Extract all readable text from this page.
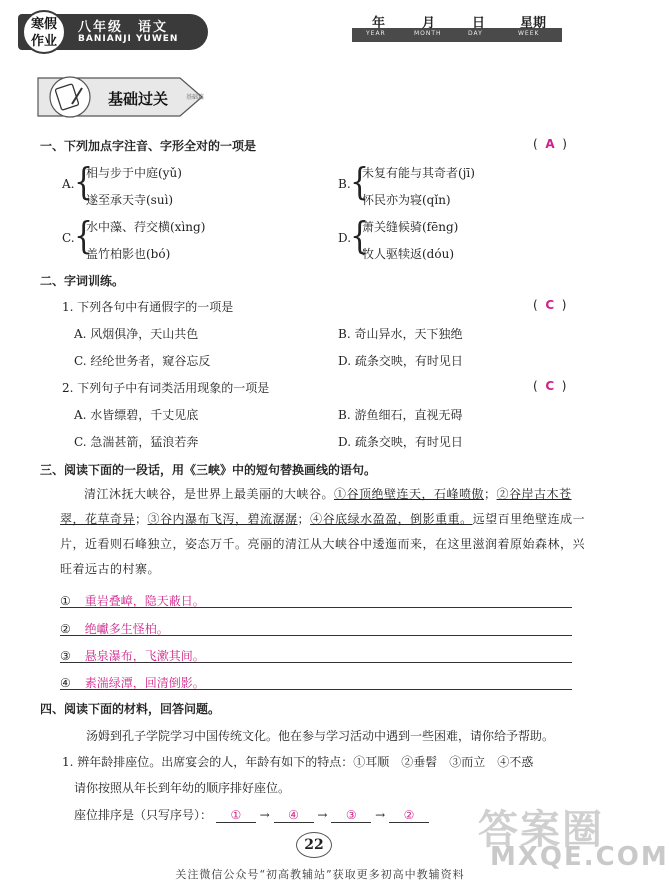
寒假
作业
八年级　语文
BANIANJI YUWEN
年	月	日	星期
YEAR	MONTH	DAY	WEEK
基础过关	基础篇
一、下列加点字注音、字形全对的一项是	(  A  )
A. {
相与步于中庭(yǔ)
遂至承天寺(suì)
B. {
未复有能与其奇者(jī)
怀民亦为寝(qǐn)
C. {
水中藻、荇交横(xìng)
盖竹柏影也(bó)
D.
{
萧关缝候骑(fēng)
牧人驱犊返(dóu)
二、字词训练。
1. 下列各句中有通假字的一项是	(  C  )
A. 风烟俱净，天山共色	B. 奇山异水，天下独绝
C. 经纶世务者，窥谷忘反	D. 疏条交映，有时见日
2. 下列句子中有词类活用现象的一项是	(  C  )
A. 水皆缥碧，千丈见底	B. 游鱼细石，直视无碍
C. 急湍甚箭，猛浪若奔	D. 疏条交映，有时见日
三、阅读下面的一段话，用《三峡》中的短句替换画线的语句。
清江沐抚大峡谷，是世界上最美丽的大峡谷。①谷顶绝壁连天，石峰喷傲；②谷岸古木苍
翠，花草奇异；③谷内瀑布飞泻，碧流潺潺；④谷底绿水盈盈，倒影重重。远望百里绝壁连成一
片，近看则石峰独立，姿态万千。亮丽的清江从大峡谷中逶迤而来，在这里滋润着原始森林，兴
旺着远古的村寨。
① 重岩叠嶂，隐天蔽日。
② 绝巘多生怪柏。
③ 悬泉瀑布，飞漱其间。
④ 素湍绿潭，回清倒影。
四、阅读下面的材料，回答问题。
汤姆到孔子学院学习中国传统文化。他在参与学习活动中遇到一些困难，请你给予帮助。
1. 辨年龄排座位。出席宴会的人，年龄有如下的特点：①耳顺　②垂髫　③而立　④不惑
请你按照从年长到年幼的顺序排好座位。
座位排序是（只写序号）： ① → ④ → ③ → ②	答案圈
MXQE.COM
22
关注微信公众号“初高教辅站”获取更多初高中教辅资料
